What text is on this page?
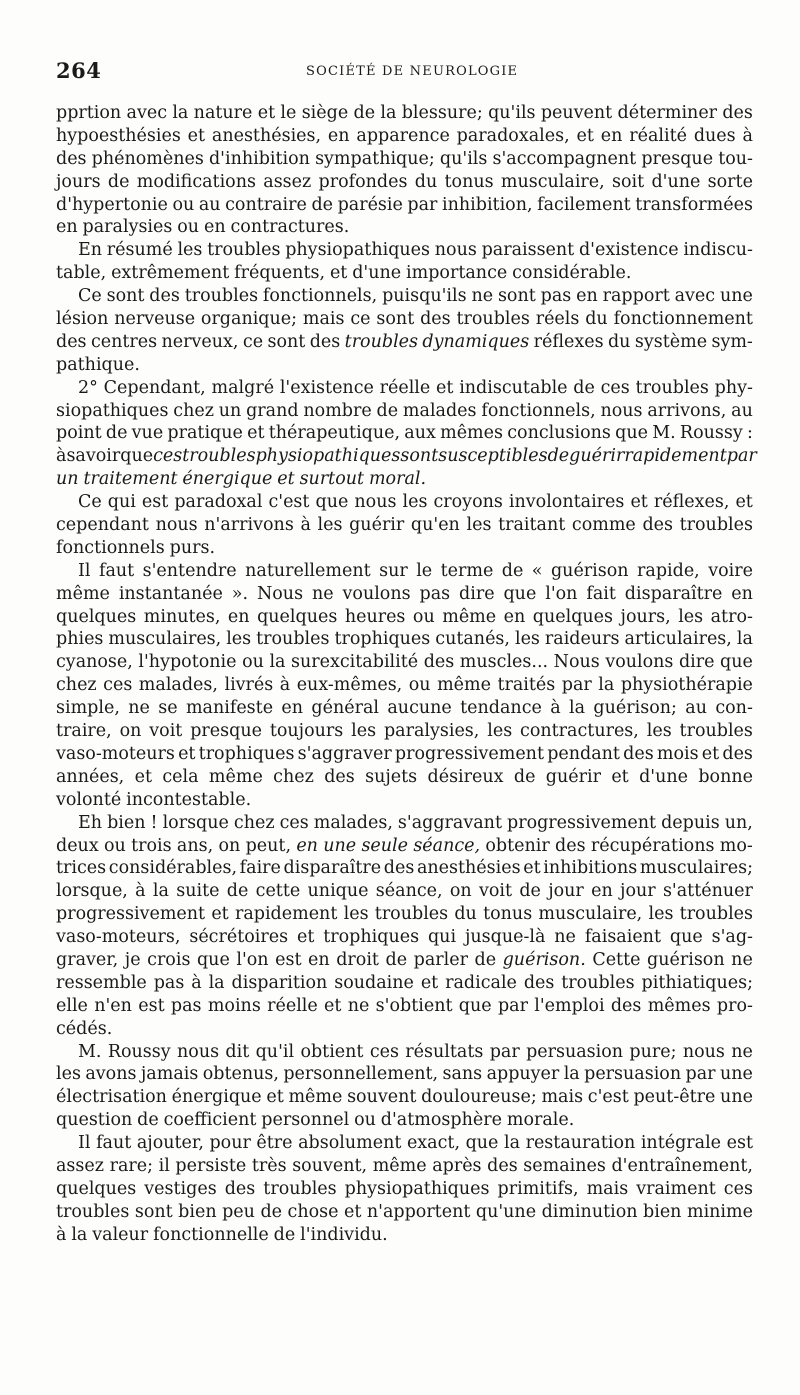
264	SOCIÉTÉ DE NEUROLOGIE
pprtion avec la nature et le siège de la blessure; qu'ils peuvent déterminer des
hypoesthésies et anesthésies, en apparence paradoxales, et en réalité dues à
des phénomènes d'inhibition sympathique; qu'ils s'accompagnent presque tou-
jours de modifications assez profondes du tonus musculaire, soit d'une sorte
d'hypertonie ou au contraire de parésie par inhibition, facilement transformées
en paralysies ou en contractures.
En résumé les troubles physiopathiques nous paraissent d'existence indiscu-
table, extrêmement fréquents, et d'une importance considérable.
Ce sont des troubles fonctionnels, puisqu'ils ne sont pas en rapport avec une
lésion nerveuse organique; mais ce sont des troubles réels du fonctionnement
des centres nerveux, ce sont des troubles dynamiques réflexes du système sym-
pathique.
2° Cependant, malgré l'existence réelle et indiscutable de ces troubles phy-
siopathiques chez un grand nombre de malades fonctionnels, nous arrivons, au
point de vue pratique et thérapeutique, aux mêmes conclusions que M. Roussy :
à savoir que ces troubles physiopathiques sont susceptibles de guérir rapidement par
un traitement énergique et surtout moral.
Ce qui est paradoxal c'est que nous les croyons involontaires et réflexes, et
cependant nous n'arrivons à les guérir qu'en les traitant comme des troubles
fonctionnels purs.
Il faut s'entendre naturellement sur le terme de « guérison rapide, voire
même instantanée ». Nous ne voulons pas dire que l'on fait disparaître en
quelques minutes, en quelques heures ou même en quelques jours, les atro-
phies musculaires, les troubles trophiques cutanés, les raideurs articulaires, la
cyanose, l'hypotonie ou la surexcitabilité des muscles... Nous voulons dire que
chez ces malades, livrés à eux-mêmes, ou même traités par la physiothérapie
simple, ne se manifeste en général aucune tendance à la guérison; au con-
traire, on voit presque toujours les paralysies, les contractures, les troubles
vaso-moteurs et trophiques s'aggraver progressivement pendant des mois et des
années, et cela même chez des sujets désireux de guérir et d'une bonne
volonté incontestable.
Eh bien ! lorsque chez ces malades, s'aggravant progressivement depuis un,
deux ou trois ans, on peut, en une seule séance, obtenir des récupérations mo-
trices considérables, faire disparaître des anesthésies et inhibitions musculaires;
lorsque, à la suite de cette unique séance, on voit de jour en jour s'atténuer
progressivement et rapidement les troubles du tonus musculaire, les troubles
vaso-moteurs, sécrétoires et trophiques qui jusque-là ne faisaient que s'ag-
graver, je crois que l'on est en droit de parler de guérison. Cette guérison ne
ressemble pas à la disparition soudaine et radicale des troubles pithiatiques;
elle n'en est pas moins réelle et ne s'obtient que par l'emploi des mêmes pro-
cédés.
M. Roussy nous dit qu'il obtient ces résultats par persuasion pure; nous ne
les avons jamais obtenus, personnellement, sans appuyer la persuasion par une
électrisation énergique et même souvent douloureuse; mais c'est peut-être une
question de coefficient personnel ou d'atmosphère morale.
Il faut ajouter, pour être absolument exact, que la restauration intégrale est
assez rare; il persiste très souvent, même après des semaines d'entraînement,
quelques vestiges des troubles physiopathiques primitifs, mais vraiment ces
troubles sont bien peu de chose et n'apportent qu'une diminution bien minime
à la valeur fonctionnelle de l'individu.
